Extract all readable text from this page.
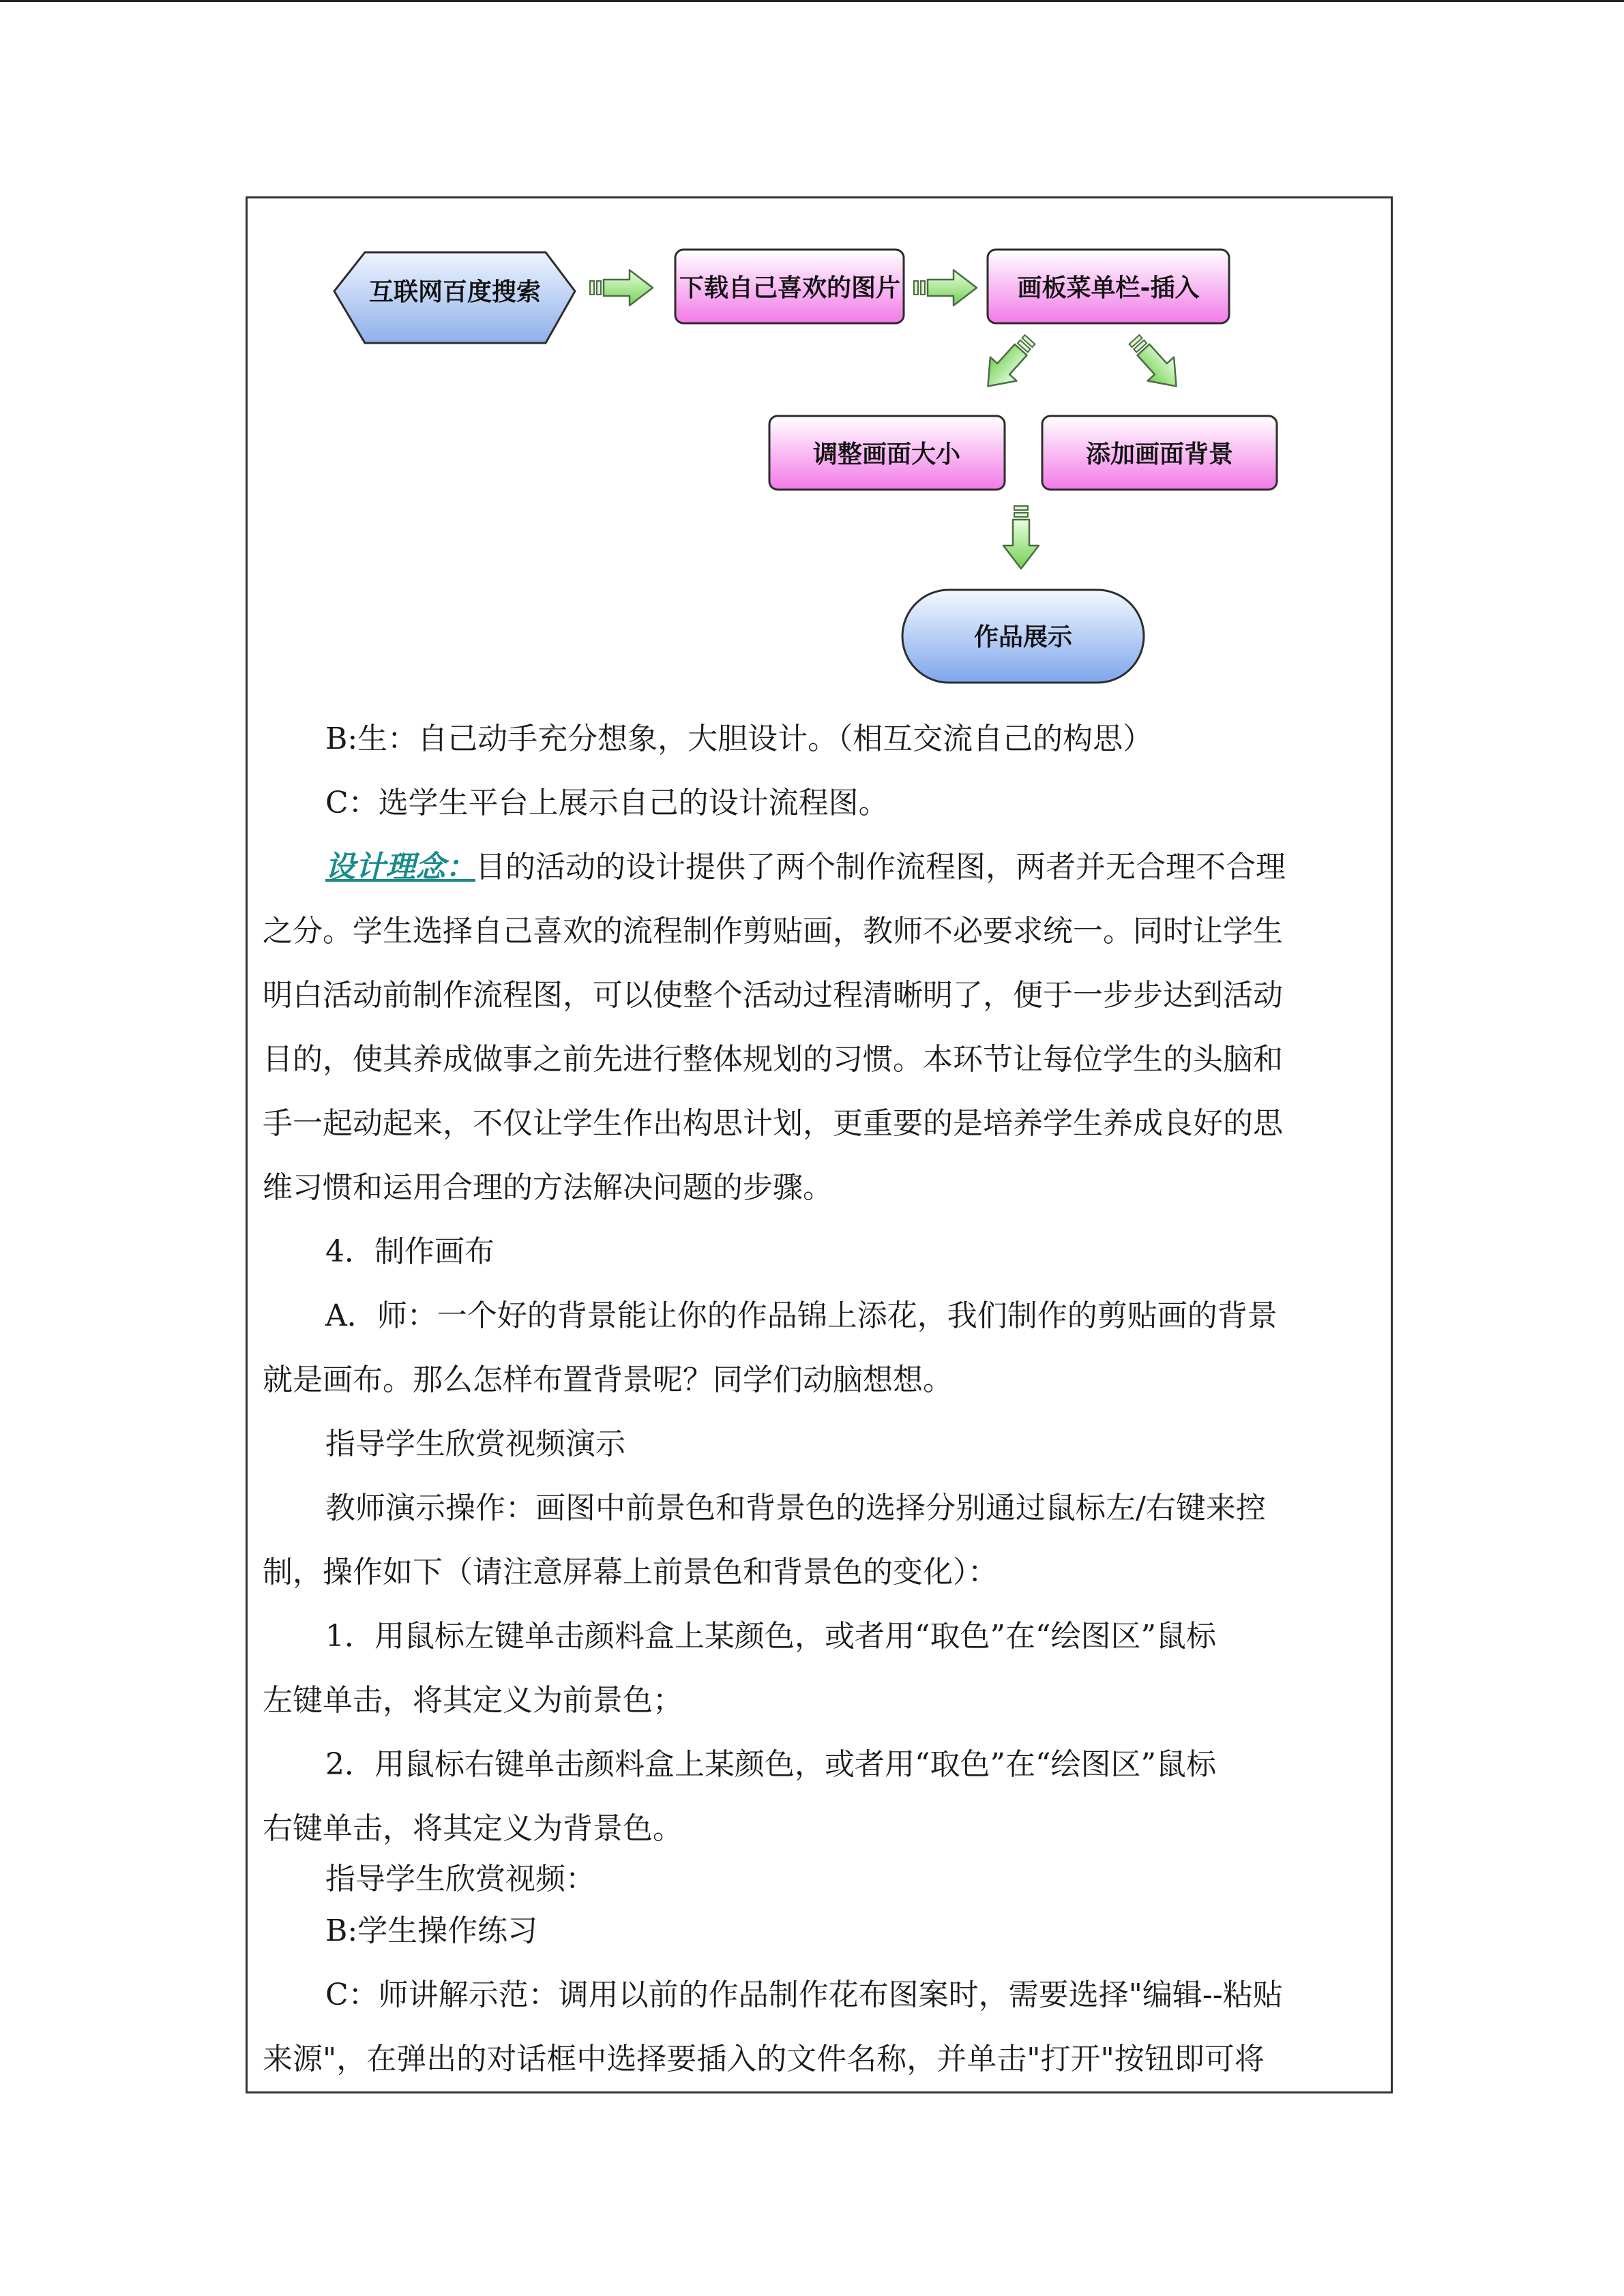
互联网百度搜索	下载自己喜欢的图片	画板菜单栏-插入
调整画面大小	添加画面背景
作品展示
B:生：自己动手充分想象，大胆设计。（相互交流自己的构思）
C：选学生平台上展示自己的设计流程图。
设计理念：目的活动的设计提供了两个制作流程图，两者并无合理不合理
之分。学生选择自己喜欢的流程制作剪贴画，教师不必要求统一。同时让学生
明白活动前制作流程图，可以使整个活动过程清晰明了，便于一步步达到活动
目的，使其养成做事之前先进行整体规划的习惯。本环节让每位学生的头脑和
手一起动起来，不仅让学生作出构思计划，更重要的是培养学生养成良好的思
维习惯和运用合理的方法解决问题的步骤。
4．制作画布
A．师：一个好的背景能让你的作品锦上添花，我们制作的剪贴画的背景
就是画布。那么怎样布置背景呢？同学们动脑想想。
指导学生欣赏视频演示
教师演示操作：画图中前景色和背景色的选择分别通过鼠标左/右键来控
制，操作如下（请注意屏幕上前景色和背景色的变化）：
1．用鼠标左键单击颜料盒上某颜色，或者用“取色”在“绘图区”鼠标
左键单击，将其定义为前景色；
2．用鼠标右键单击颜料盒上某颜色，或者用“取色”在“绘图区”鼠标
右键单击，将其定义为背景色。
指导学生欣赏视频：
B:学生操作练习
C：师讲解示范：调用以前的作品制作花布图案时，需要选择"编辑--粘贴
来源"，在弹出的对话框中选择要插入的文件名称，并单击"打开"按钮即可将
